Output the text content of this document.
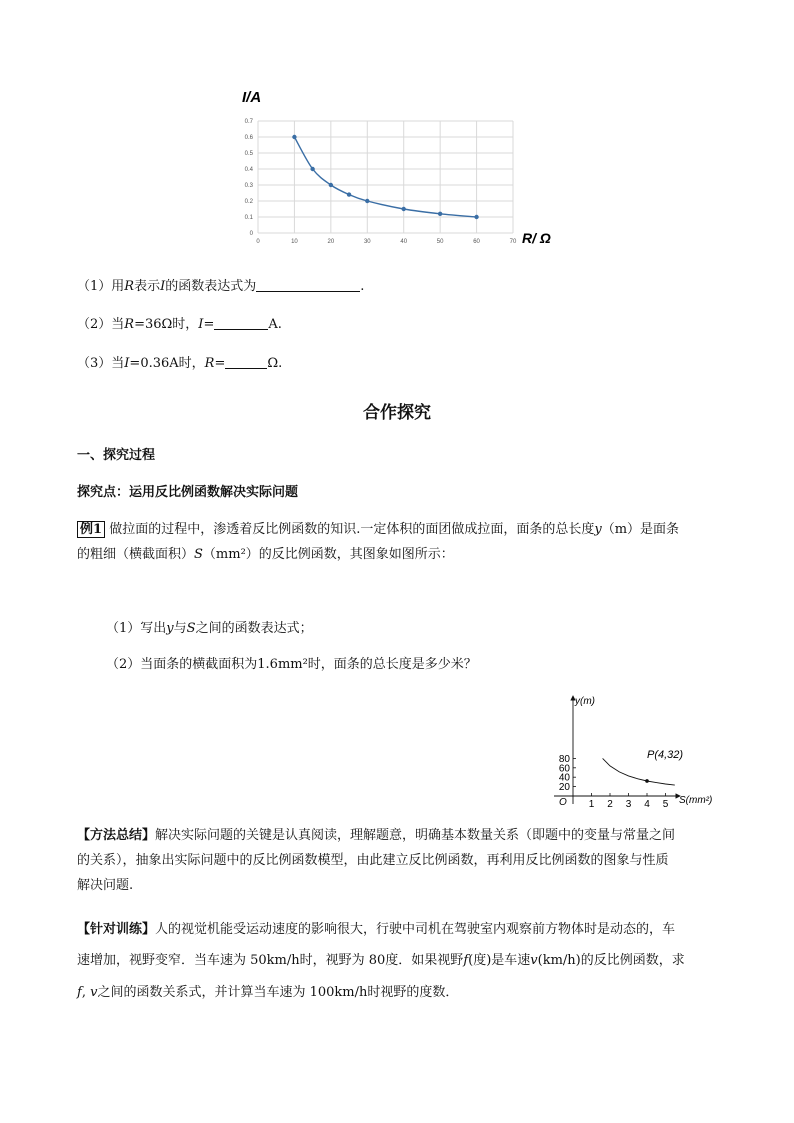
I/A
R/ Ω
0
0.1
0.2
0.3
0.4
0.5
0.6
0.7
0	10	20	30	40	50	60	70
（1）用R表示I的函数表达式为	.
（2）当R=36Ω时，I=	A.
（3）当I=0.36A时，R=	Ω.
合作探究
一、探究过程
探究点：运用反比例函数解决实际问题
例1 做拉面的过程中，渗透着反比例函数的知识.一定体积的面团做成拉面，面条的总长度y（m）是面条
的粗细（横截面积）S（mm²）的反比例函数，其图象如图所示：
（1）写出y与S之间的函数表达式；
（2）当面条的横截面积为1.6mm²时，面条的总长度是多少米？
y(m)
S(mm²)
O 1 2 3 4 5
20
40
60
80	P(4,32)
【方法总结】解决实际问题的关键是认真阅读，理解题意，明确基本数量关系（即题中的变量与常量之间
的关系），抽象出实际问题中的反比例函数模型，由此建立反比例函数，再利用反比例函数的图象与性质
解决问题.
【针对训练】人的视觉机能受运动速度的影响很大，行驶中司机在驾驶室内观察前方物体时是动态的，车
速增加，视野变窄．当车速为 50km/h时，视野为 80度．如果视野f(度)是车速v(km/h)的反比例函数，求
f, v之间的函数关系式，并计算当车速为 100km/h时视野的度数．
